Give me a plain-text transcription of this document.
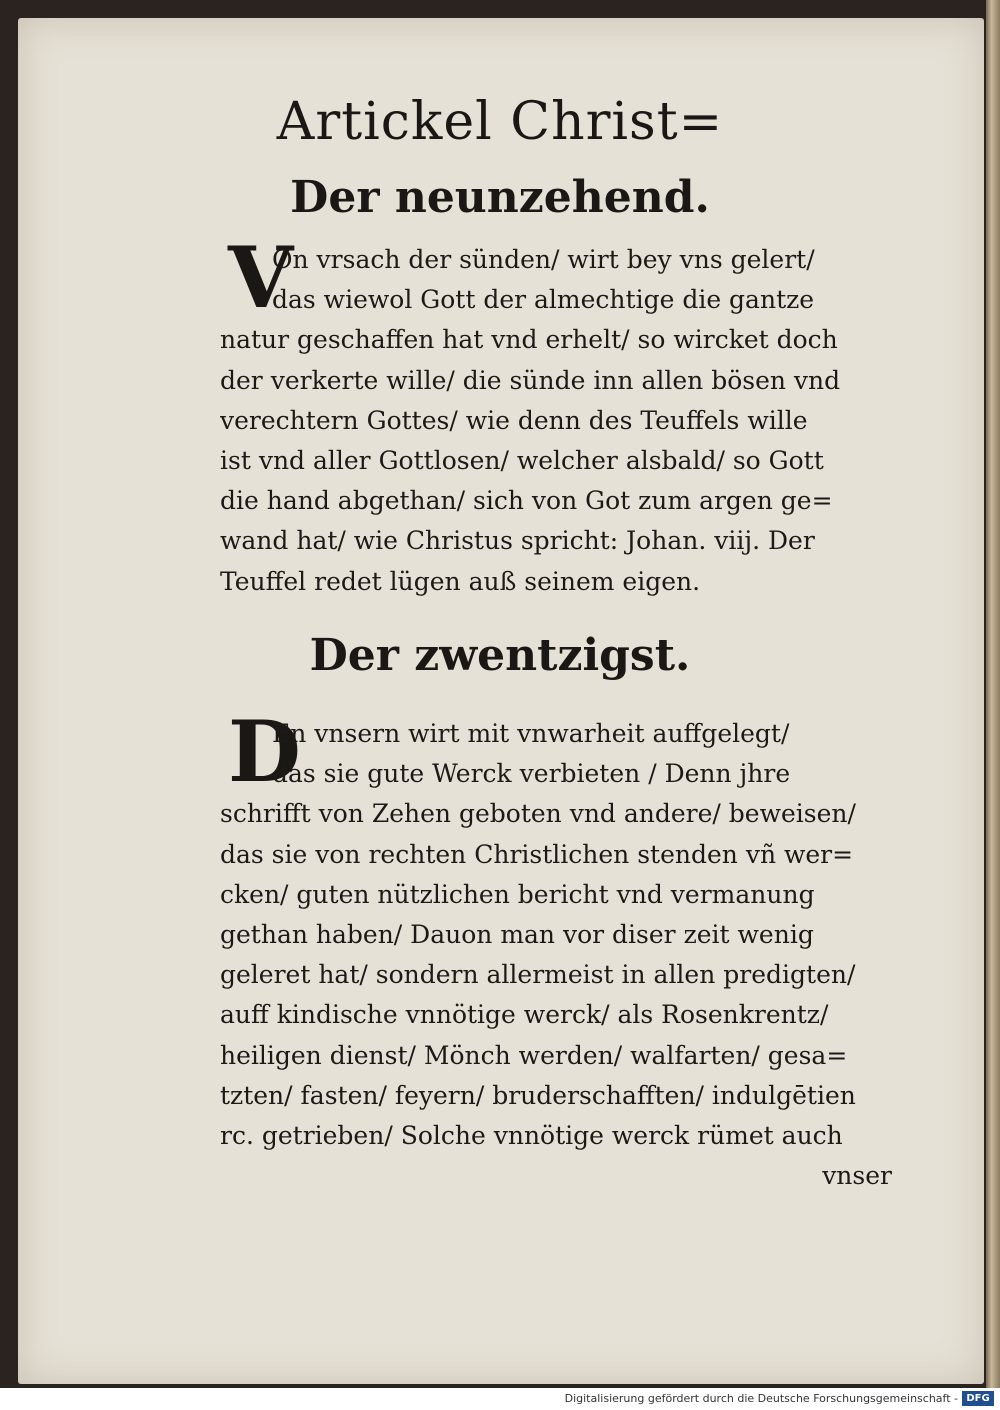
Artickel Christ=
Der neunzehend.
V
On vrsach der sünden/ wirt bey vns gelert/
das wiewol Gott der almechtige die gantze
natur geschaffen hat vnd erhelt/ so wircket doch
der verkerte wille/ die sünde inn allen bösen vnd
verechtern Gottes/ wie denn des Teuffels wille
ist vnd aller Gottlosen/ welcher alsbald/ so Gott
die hand abgethan/ sich von Got zum argen ge=
wand hat/ wie Christus spricht: Johan. viij. Der
Teuffel redet lügen auß seinem eigen.
Der zwentzigst.
D
En vnsern wirt mit vnwarheit auffgelegt/
das sie gute Werck verbieten / Denn jhre
schrifft von Zehen geboten vnd andere/ beweisen/
das sie von rechten Christlichen stenden vñ wer=
cken/ guten nützlichen bericht vnd vermanung
gethan haben/ Dauon man vor diser zeit wenig
geleret hat/ sondern allermeist in allen predigten/
auff kindische vnnötige werck/ als Rosenkrentz/
heiligen dienst/ Mönch werden/ walfarten/ gesa=
tzten/ fasten/ feyern/ bruderschafften/ indulgētien
rc. getrieben/ Solche vnnötige werck rümet auch
vnser
Digitalisierung gefördert durch die Deutsche Forschungsgemeinschaft - DFG
